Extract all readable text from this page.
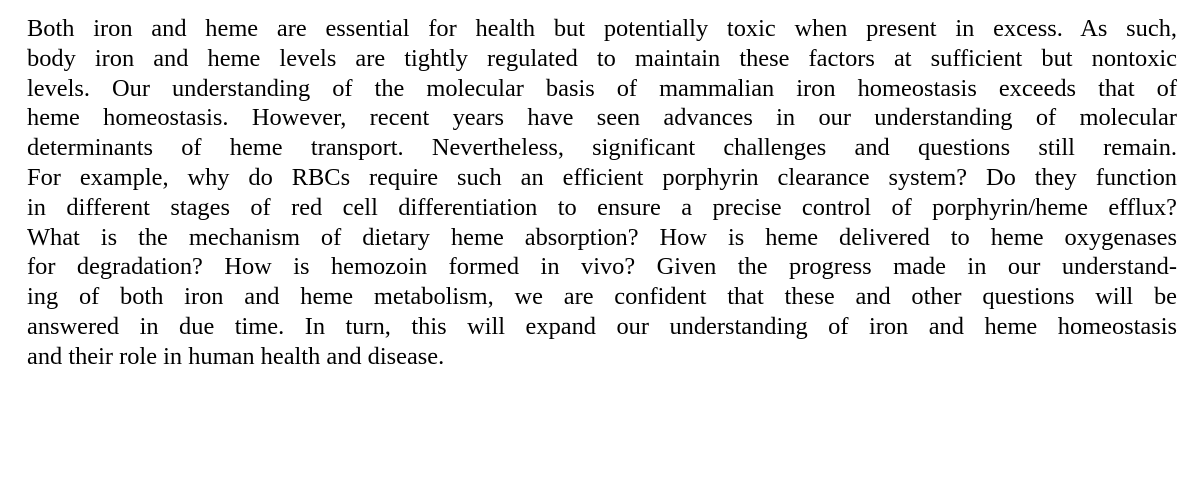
Both iron and heme are essential for health but potentially toxic when present in excess. As such,
body iron and heme levels are tightly regulated to maintain these factors at sufficient but nontoxic
levels. Our understanding of the molecular basis of mammalian iron homeostasis exceeds that of
heme homeostasis. However, recent years have seen advances in our understanding of molecular
determinants of heme transport. Nevertheless, significant challenges and questions still remain.
For example, why do RBCs require such an efficient porphyrin clearance system? Do they function
in different stages of red cell differentiation to ensure a precise control of porphyrin/heme efflux?
What is the mechanism of dietary heme absorption? How is heme delivered to heme oxygenases
for degradation? How is hemozoin formed in vivo? Given the progress made in our understand-
ing of both iron and heme metabolism, we are confident that these and other questions will be
answered in due time. In turn, this will expand our understanding of iron and heme homeostasis
and their role in human health and disease.
